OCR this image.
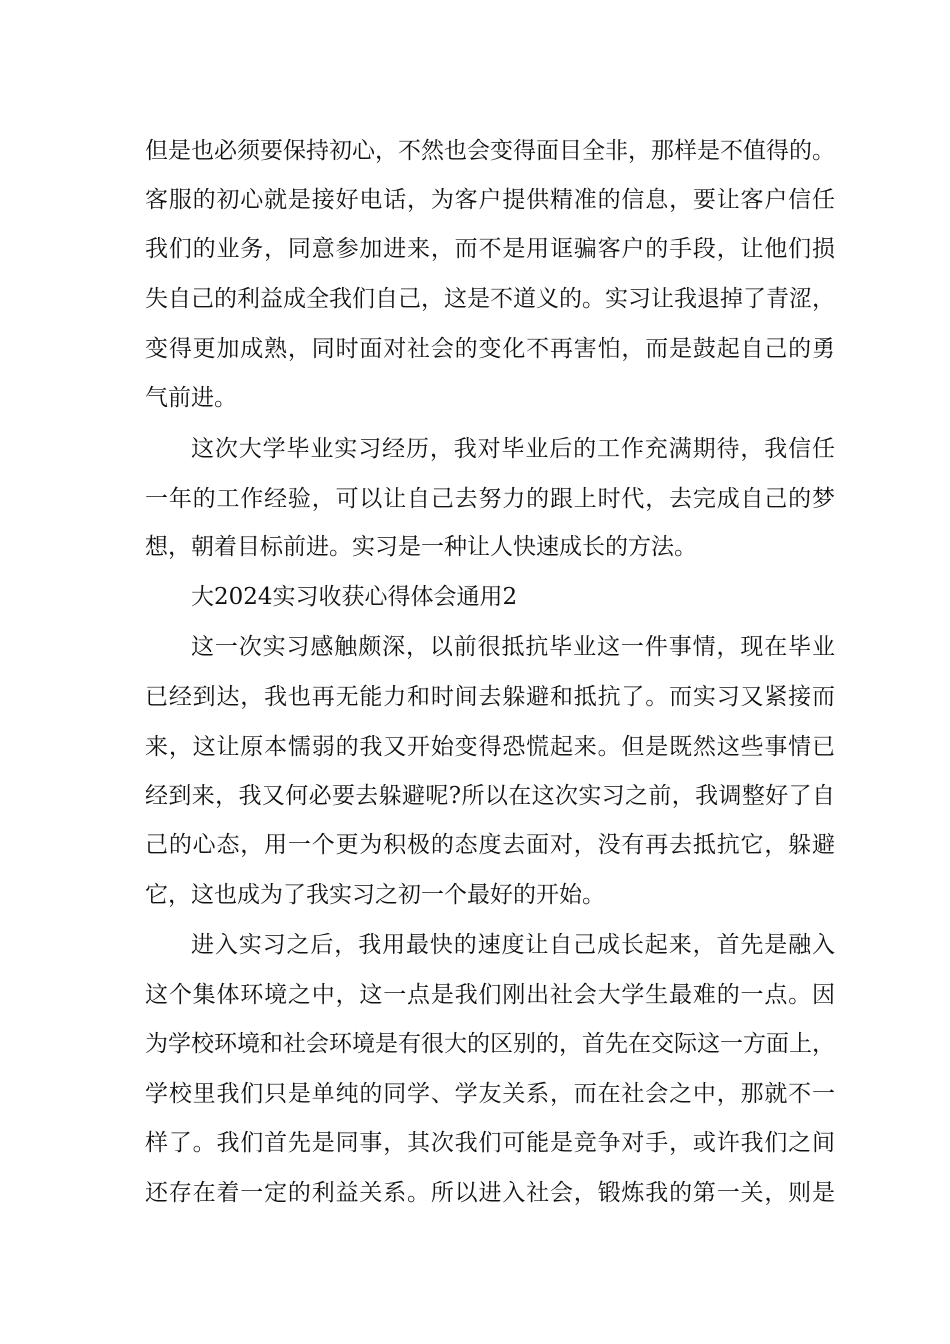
但是也必须要保持初心，不然也会变得面目全非，那样是不值得的。
客服的初心就是接好电话，为客户提供精准的信息，要让客户信任
我们的业务，同意参加进来，而不是用诓骗客户的手段，让他们损
失自己的利益成全我们自己，这是不道义的。实习让我退掉了青涩，
变得更加成熟，同时面对社会的变化不再害怕，而是鼓起自己的勇
气前进。
这次大学毕业实习经历，我对毕业后的工作充满期待，我信任
一年的工作经验，可以让自己去努力的跟上时代，去完成自己的梦
想，朝着目标前进。实习是一种让人快速成长的方法。
大2024实习收获心得体会通用2
这一次实习感触颇深，以前很抵抗毕业这一件事情，现在毕业
已经到达，我也再无能力和时间去躲避和抵抗了。而实习又紧接而
来，这让原本懦弱的我又开始变得恐慌起来。但是既然这些事情已
经到来，我又何必要去躲避呢?所以在这次实习之前，我调整好了自
己的心态，用一个更为积极的态度去面对，没有再去抵抗它，躲避
它，这也成为了我实习之初一个最好的开始。
进入实习之后，我用最快的速度让自己成长起来，首先是融入
这个集体环境之中，这一点是我们刚出社会大学生最难的一点。因
为学校环境和社会环境是有很大的区别的，首先在交际这一方面上，
学校里我们只是单纯的同学、学友关系，而在社会之中，那就不一
样了。我们首先是同事，其次我们可能是竞争对手，或许我们之间
还存在着一定的利益关系。所以进入社会，锻炼我的第一关，则是
